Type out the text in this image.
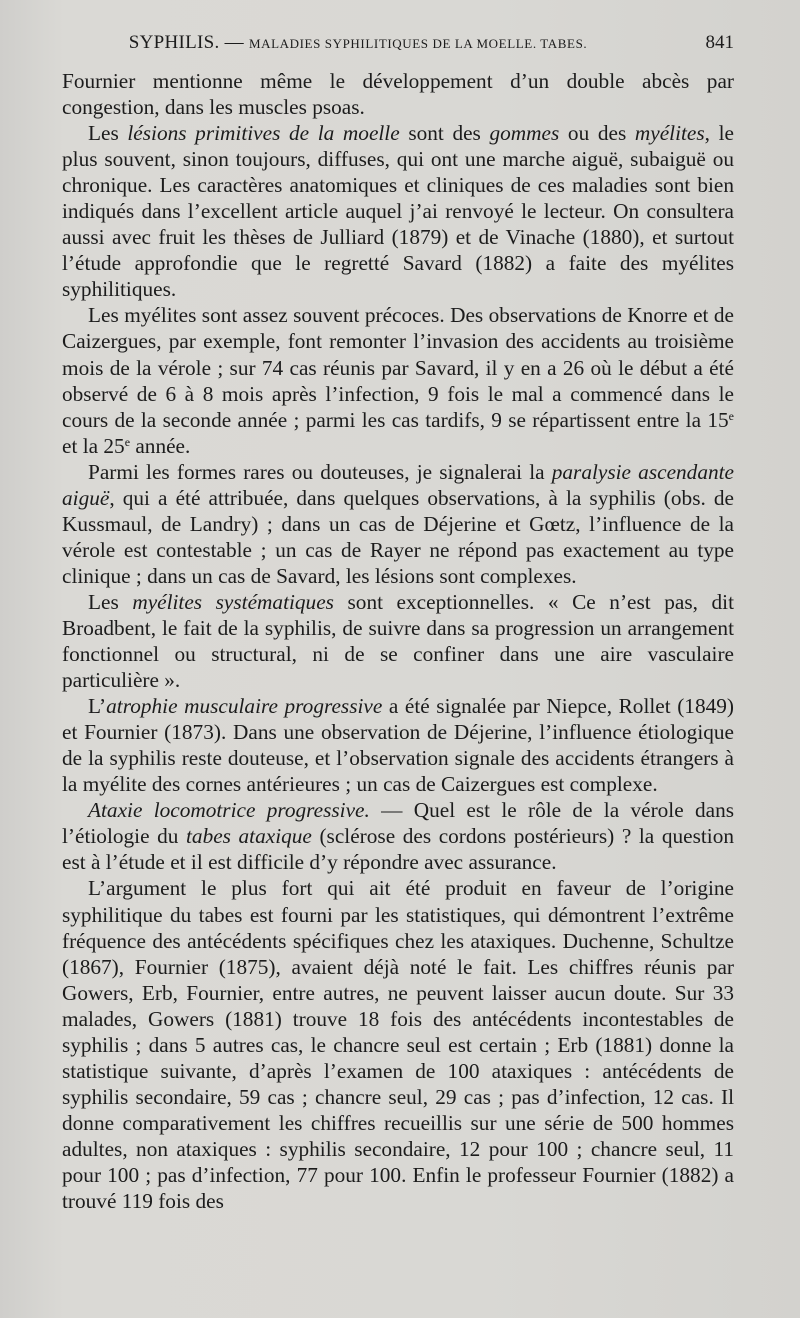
SYPHILIS. — MALADIES SYPHILITIQUES DE LA MOELLE. TABES.	841

Fournier mentionne même le développement d’un double abcès par congestion, dans les muscles psoas.

Les lésions primitives de la moelle sont des gommes ou des myélites, le plus souvent, sinon toujours, diffuses, qui ont une marche aiguë, subaiguë ou chronique. Les caractères anatomiques et cliniques de ces maladies sont bien indiqués dans l’excellent article auquel j’ai renvoyé le lecteur. On consultera aussi avec fruit les thèses de Julliard (1879) et de Vinache (1880), et surtout l’étude approfondie que le regretté Savard (1882) a faite des myélites syphilitiques.

Les myélites sont assez souvent précoces. Des observations de Knorre et de Caizergues, par exemple, font remonter l’invasion des accidents au troisième mois de la vérole ; sur 74 cas réunis par Savard, il y en a 26 où le début a été observé de 6 à 8 mois après l’infection, 9 fois le mal a commencé dans le cours de la seconde année ; parmi les cas tardifs, 9 se répartissent entre la 15e et la 25e année.

Parmi les formes rares ou douteuses, je signalerai la paralysie ascendante aiguë, qui a été attribuée, dans quelques observations, à la syphilis (obs. de Kussmaul, de Landry) ; dans un cas de Déjerine et Gœtz, l’influence de la vérole est contestable ; un cas de Rayer ne répond pas exactement au type clinique ; dans un cas de Savard, les lésions sont complexes.

Les myélites systématiques sont exceptionnelles. « Ce n’est pas, dit Broadbent, le fait de la syphilis, de suivre dans sa progression un arrangement fonctionnel ou structural, ni de se confiner dans une aire vasculaire particulière ».

L’atrophie musculaire progressive a été signalée par Niepce, Rollet (1849) et Fournier (1873). Dans une observation de Déjerine, l’influence étiologique de la syphilis reste douteuse, et l’observation signale des accidents étrangers à la myélite des cornes antérieures ; un cas de Caizergues est complexe.

Ataxie locomotrice progressive. — Quel est le rôle de la vérole dans l’étiologie du tabes ataxique (sclérose des cordons postérieurs) ? la question est à l’étude et il est difficile d’y répondre avec assurance.

L’argument le plus fort qui ait été produit en faveur de l’origine syphilitique du tabes est fourni par les statistiques, qui démontrent l’extrême fréquence des antécédents spécifiques chez les ataxiques. Duchenne, Schultze (1867), Fournier (1875), avaient déjà noté le fait. Les chiffres réunis par Gowers, Erb, Fournier, entre autres, ne peuvent laisser aucun doute. Sur 33 malades, Gowers (1881) trouve 18 fois des antécédents incontestables de syphilis ; dans 5 autres cas, le chancre seul est certain ; Erb (1881) donne la statistique suivante, d’après l’examen de 100 ataxiques : antécédents de syphilis secondaire, 59 cas ; chancre seul, 29 cas ; pas d’infection, 12 cas. Il donne comparativement les chiffres recueillis sur une série de 500 hommes adultes, non ataxiques : syphilis secondaire, 12 pour 100 ; chancre seul, 11 pour 100 ; pas d’infection, 77 pour 100. Enfin le professeur Fournier (1882) a trouvé 119 fois des
